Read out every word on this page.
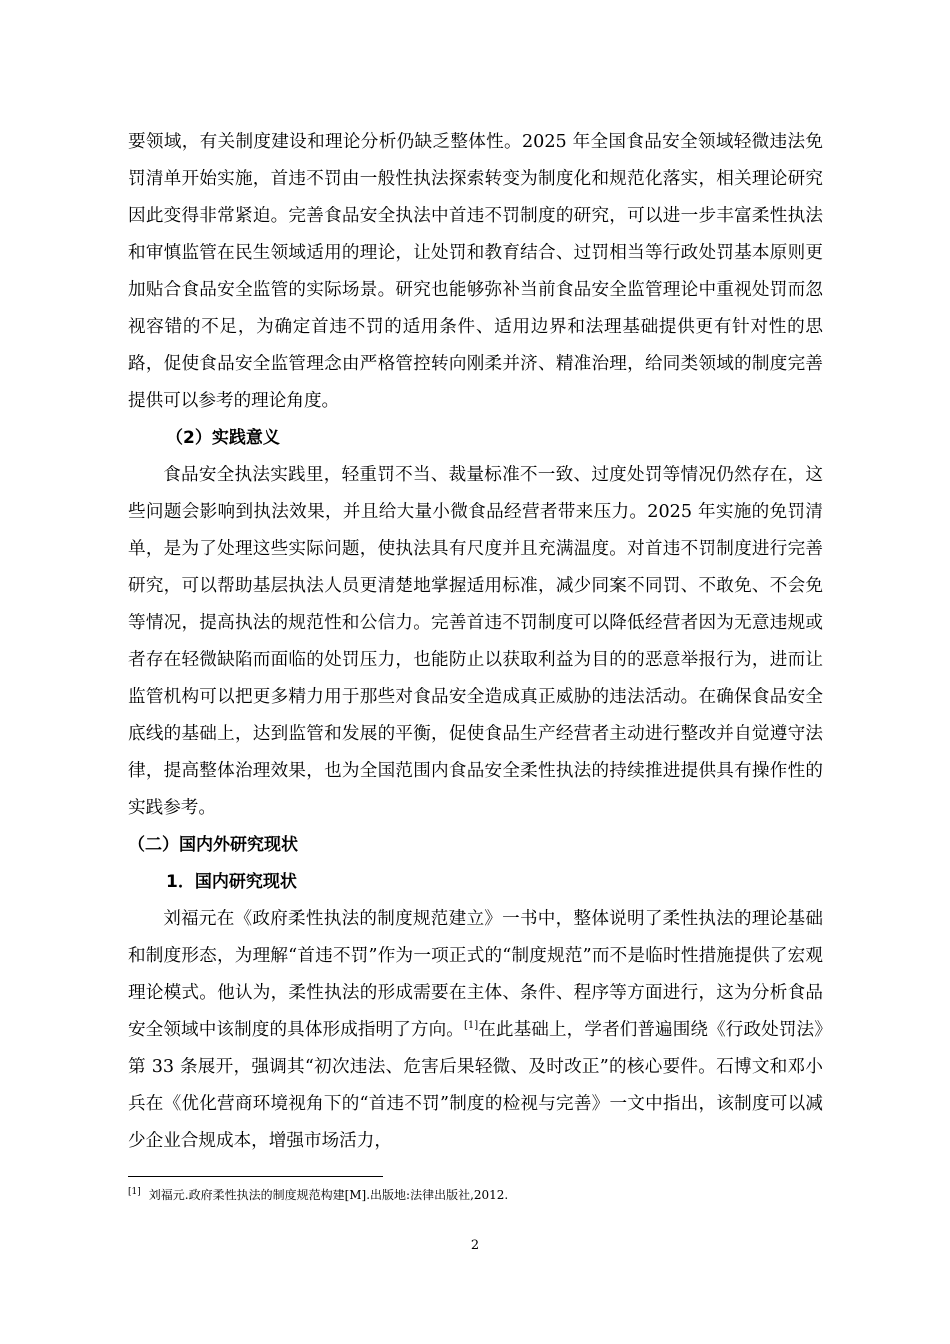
要领域，有关制度建设和理论分析仍缺乏整体性。2025 年全国食品安全领域轻微违法免罚清单开始实施，首违不罚由一般性执法探索转变为制度化和规范化落实，相关理论研究因此变得非常紧迫。完善食品安全执法中首违不罚制度的研究，可以进一步丰富柔性执法和审慎监管在民生领域适用的理论，让处罚和教育结合、过罚相当等行政处罚基本原则更加贴合食品安全监管的实际场景。研究也能够弥补当前食品安全监管理论中重视处罚而忽视容错的不足，为确定首违不罚的适用条件、适用边界和法理基础提供更有针对性的思路，促使食品安全监管理念由严格管控转向刚柔并济、精准治理，给同类领域的制度完善提供可以参考的理论角度。

（2）实践意义

食品安全执法实践里，轻重罚不当、裁量标准不一致、过度处罚等情况仍然存在，这些问题会影响到执法效果，并且给大量小微食品经营者带来压力。2025 年实施的免罚清单，是为了处理这些实际问题，使执法具有尺度并且充满温度。对首违不罚制度进行完善研究，可以帮助基层执法人员更清楚地掌握适用标准，减少同案不同罚、不敢免、不会免等情况，提高执法的规范性和公信力。完善首违不罚制度可以降低经营者因为无意违规或者存在轻微缺陷而面临的处罚压力，也能防止以获取利益为目的的恶意举报行为，进而让监管机构可以把更多精力用于那些对食品安全造成真正威胁的违法活动。在确保食品安全底线的基础上，达到监管和发展的平衡，促使食品生产经营者主动进行整改并自觉遵守法律，提高整体治理效果，也为全国范围内食品安全柔性执法的持续推进提供具有操作性的实践参考。

（二）国内外研究现状

1．国内研究现状

刘福元在《政府柔性执法的制度规范建立》一书中，整体说明了柔性执法的理论基础和制度形态，为理解“首违不罚”作为一项正式的“制度规范”而不是临时性措施提供了宏观理论模式。他认为，柔性执法的形成需要在主体、条件、程序等方面进行，这为分析食品安全领域中该制度的具体形成指明了方向。[1]在此基础上，学者们普遍围绕《行政处罚法》第 33 条展开，强调其“初次违法、危害后果轻微、及时改正”的核心要件。石博文和邓小兵在《优化营商环境视角下的“首违不罚”制度的检视与完善》一文中指出，该制度可以减少企业合规成本，增强市场活力，

[1] 刘福元.政府柔性执法的制度规范构建[M].出版地:法律出版社,2012.
2
